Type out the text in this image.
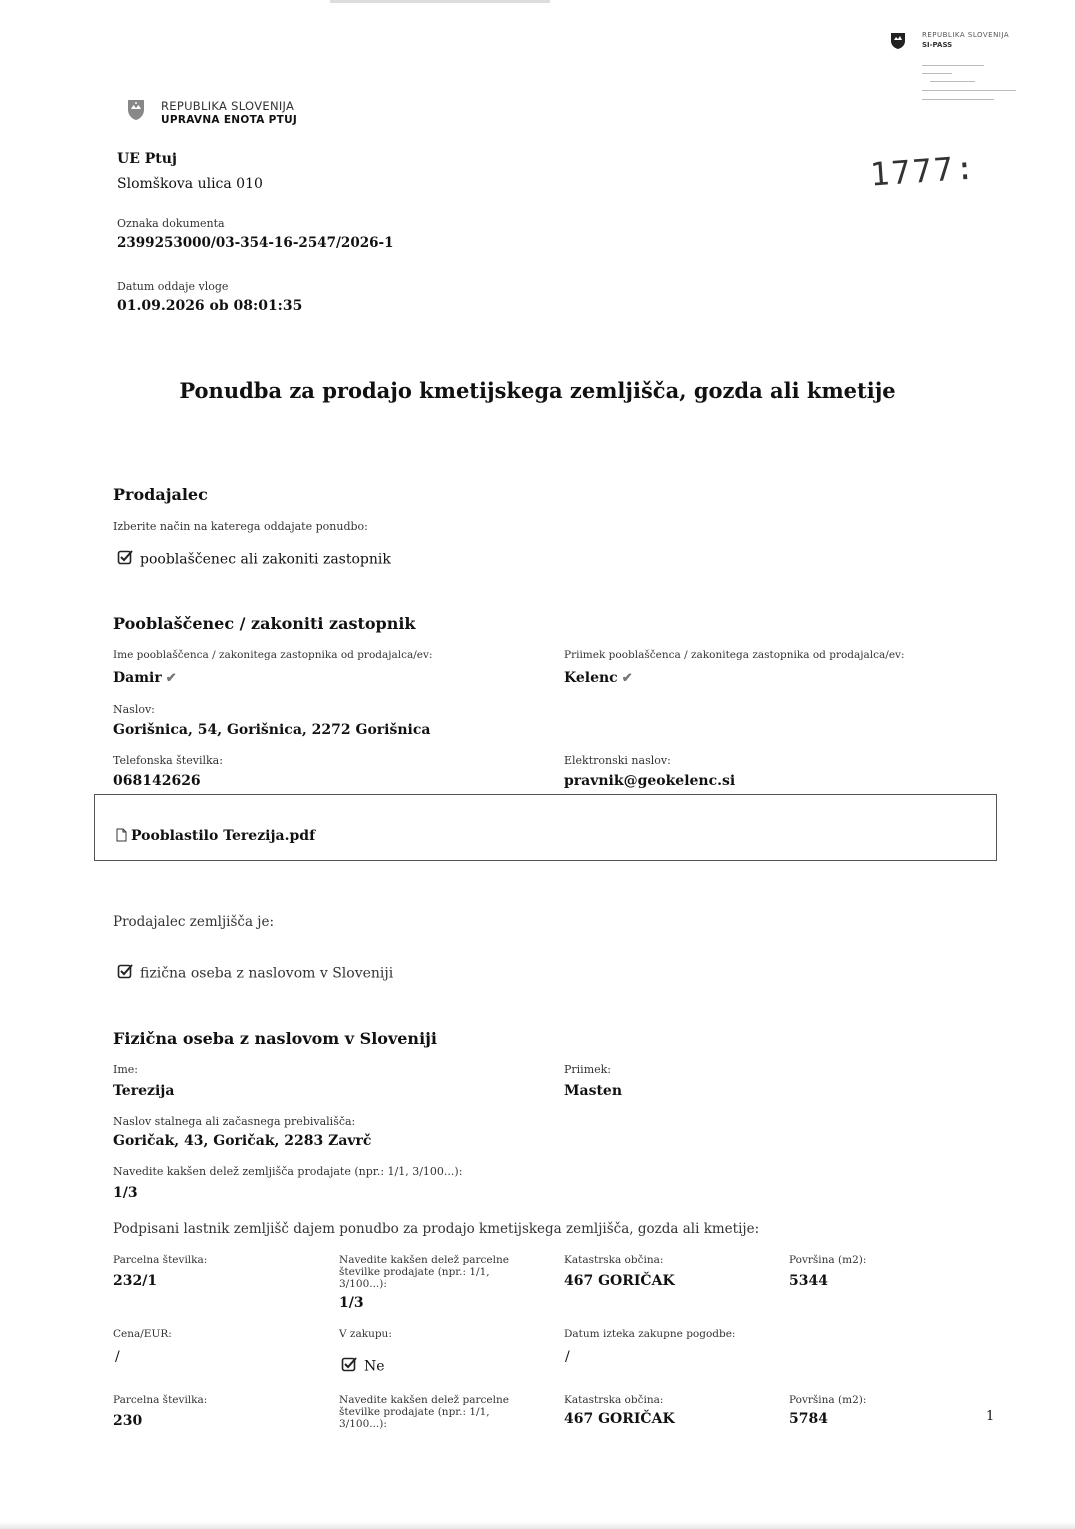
REPUBLIKA SLOVENIJA
SI-PASS
REPUBLIKA SLOVENIJA
UPRAVNA ENOTA PTUJ
1777:
UE Ptuj
Slomškova ulica 010
Oznaka dokumenta
2399253000/03-354-16-2547/2026-1
Datum oddaje vloge
01.09.2026 ob 08:01:35
Ponudba za prodajo kmetijskega zemljišča, gozda ali kmetije
Prodajalec
Izberite način na katerega oddajate ponudbo:
pooblaščenec ali zakoniti zastopnik
Pooblaščenec / zakoniti zastopnik
Ime pooblaščenca / zakonitega zastopnika od prodajalca/ev:
Damir ✔
Priimek pooblaščenca / zakonitega zastopnika od prodajalca/ev:
Kelenc ✔
Naslov:
Gorišnica, 54, Gorišnica, 2272 Gorišnica
Telefonska številka:
068142626
Elektronski naslov:
pravnik@geokelenc.si
Pooblastilo Terezija.pdf
Prodajalec zemljišča je:
fizična oseba z naslovom v Sloveniji
Fizična oseba z naslovom v Sloveniji
Ime:
Terezija
Priimek:
Masten
Naslov stalnega ali začasnega prebivališča:
Goričak, 43, Goričak, 2283 Zavrč
Navedite kakšen delež zemljišča prodajate (npr.: 1/1, 3/100...):
1/3
Podpisani lastnik zemljišč dajem ponudbo za prodajo kmetijskega zemljišča, gozda ali kmetije:
Parcelna številka:
232/1
Navedite kakšen delež parcelne številke prodajate (npr.: 1/1, 3/100...):
1/3
Katastrska občina:
467 GORIČAK
Površina (m2):
5344
Cena/EUR:
/
V zakupu:
Ne
Datum izteka zakupne pogodbe:
/
Parcelna številka:
230
Navedite kakšen delež parcelne številke prodajate (npr.: 1/1, 3/100...):
Katastrska občina:
467 GORIČAK
Površina (m2):
5784	1
